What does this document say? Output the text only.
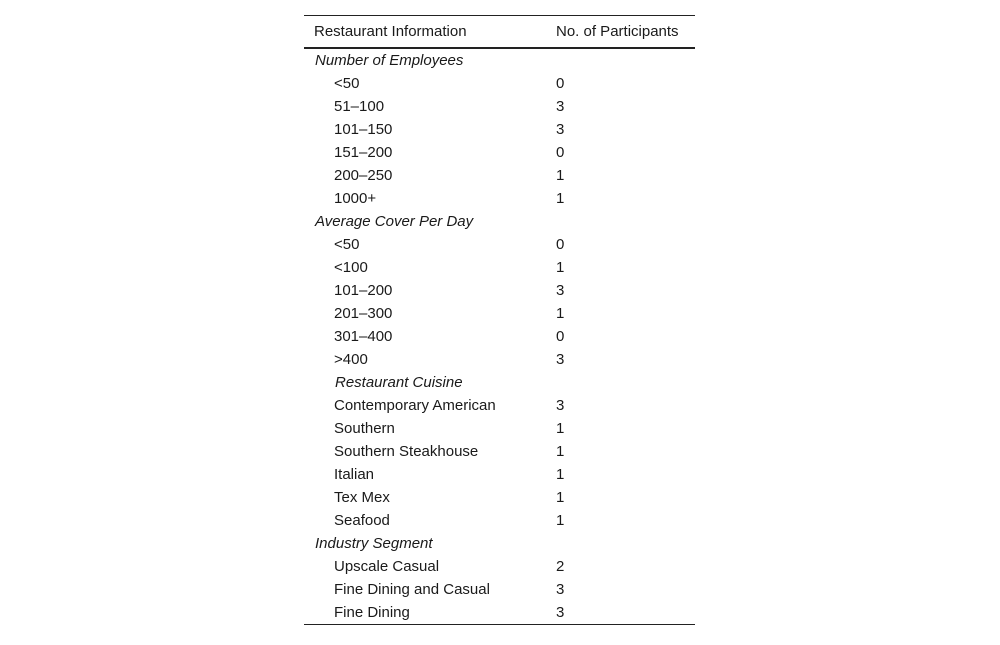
Restaurant Information	No. of Participants
Number of Employees	
<50	0
51–100	3
101–150	3
151–200	0
200–250	1
1000+	1
Average Cover Per Day	
<50	0
<100	1
101–200	3
201–300	1
301–400	0
>400	3
Restaurant Cuisine	
Contemporary American	3
Southern	1
Southern Steakhouse	1
Italian	1
Tex Mex	1
Seafood	1
Industry Segment	
Upscale Casual	2
Fine Dining and Casual	3
Fine Dining	3
